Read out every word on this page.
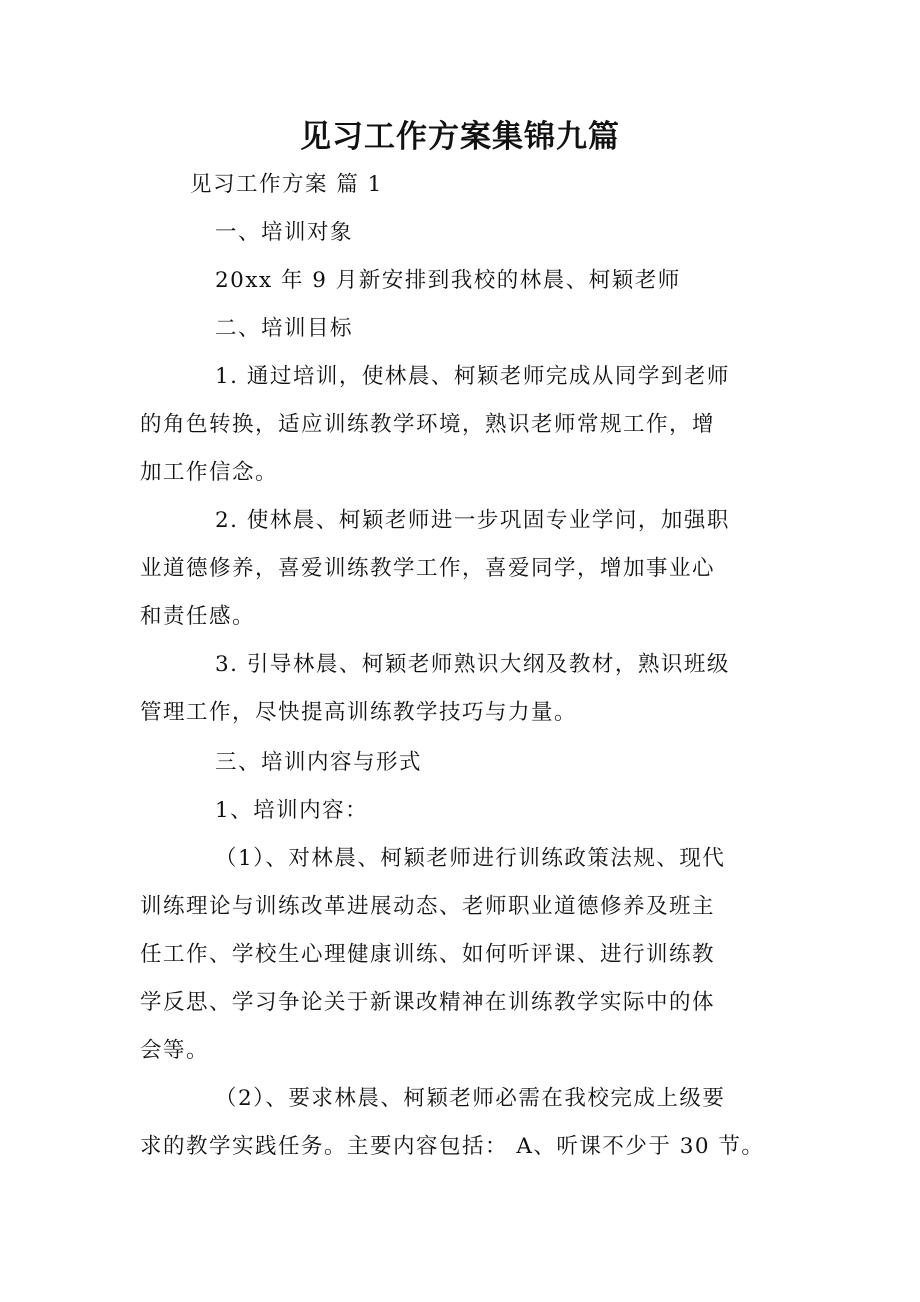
见习工作方案集锦九篇

见习工作方案 篇 1

一、培训对象

20xx 年 9 月新安排到我校的林晨、柯颖老师

二、培训目标

1. 通过培训，使林晨、柯颖老师完成从同学到老师
的角色转换，适应训练教学环境，熟识老师常规工作，增
加工作信念。
2. 使林晨、柯颖老师进一步巩固专业学问，加强职
业道德修养，喜爱训练教学工作，喜爱同学，增加事业心
和责任感。
3. 引导林晨、柯颖老师熟识大纲及教材，熟识班级
管理工作，尽快提高训练教学技巧与力量。

三、培训内容与形式

1、培训内容：

（1）、对林晨、柯颖老师进行训练政策法规、现代
训练理论与训练改革进展动态、老师职业道德修养及班主
任工作、学校生心理健康训练、如何听评课、进行训练教
学反思、学习争论关于新课改精神在训练教学实际中的体
会等。
（2）、要求林晨、柯颖老师必需在我校完成上级要
求的教学实践任务。主要内容包括： A、听课不少于 30 节。
